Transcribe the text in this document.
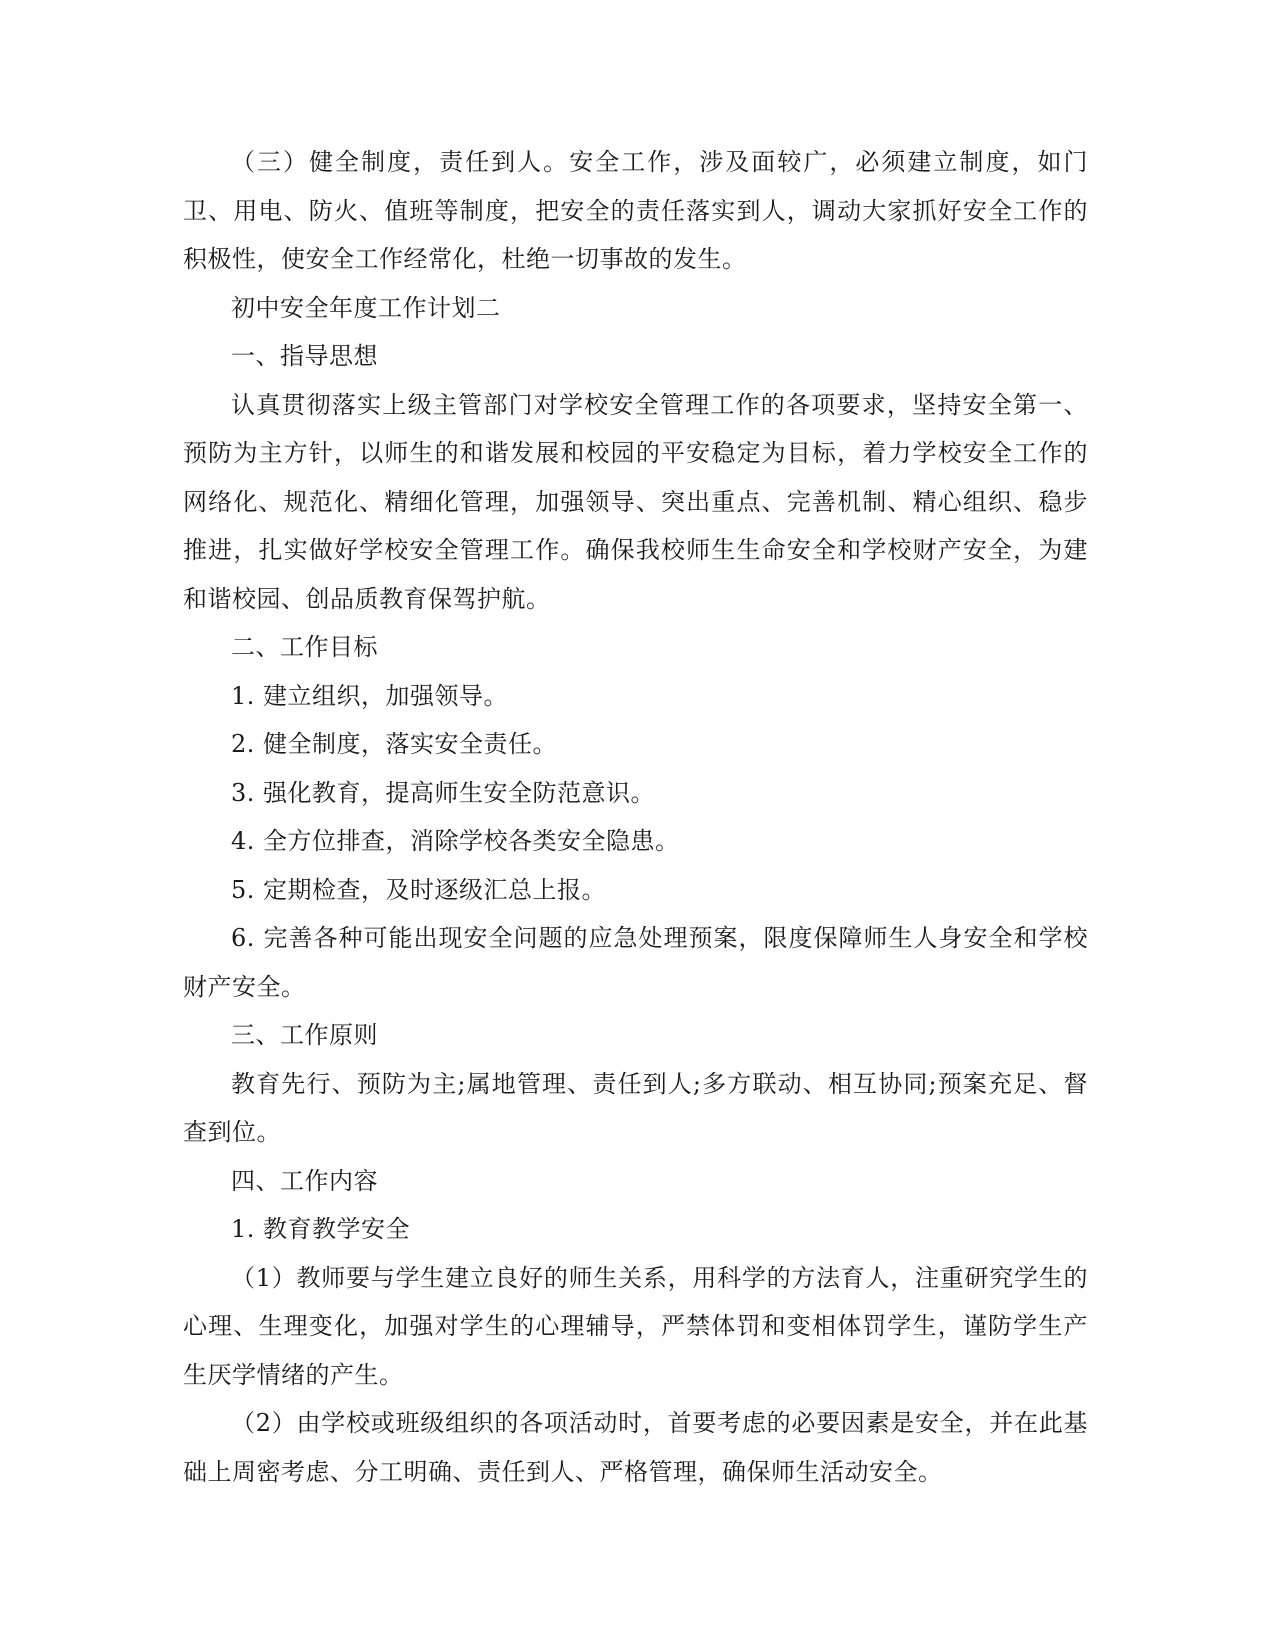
（三）健全制度，责任到人。安全工作，涉及面较广，必须建立制度，如门卫、用电、防火、值班等制度，把安全的责任落实到人，调动大家抓好安全工作的积极性，使安全工作经常化，杜绝一切事故的发生。

初中安全年度工作计划二

一、指导思想

认真贯彻落实上级主管部门对学校安全管理工作的各项要求，坚持安全第一、预防为主方针，以师生的和谐发展和校园的平安稳定为目标，着力学校安全工作的网络化、规范化、精细化管理，加强领导、突出重点、完善机制、精心组织、稳步推进，扎实做好学校安全管理工作。确保我校师生生命安全和学校财产安全，为建和谐校园、创品质教育保驾护航。

二、工作目标

1. 建立组织，加强领导。

2. 健全制度，落实安全责任。

3. 强化教育，提高师生安全防范意识。

4. 全方位排查，消除学校各类安全隐患。

5. 定期检查，及时逐级汇总上报。

6. 完善各种可能出现安全问题的应急处理预案，限度保障师生人身安全和学校财产安全。

三、工作原则

教育先行、预防为主;属地管理、责任到人;多方联动、相互协同;预案充足、督查到位。

四、工作内容

1. 教育教学安全

（1）教师要与学生建立良好的师生关系，用科学的方法育人，注重研究学生的心理、生理变化，加强对学生的心理辅导，严禁体罚和变相体罚学生，谨防学生产生厌学情绪的产生。

（2）由学校或班级组织的各项活动时，首要考虑的必要因素是安全，并在此基础上周密考虑、分工明确、责任到人、严格管理，确保师生活动安全。
